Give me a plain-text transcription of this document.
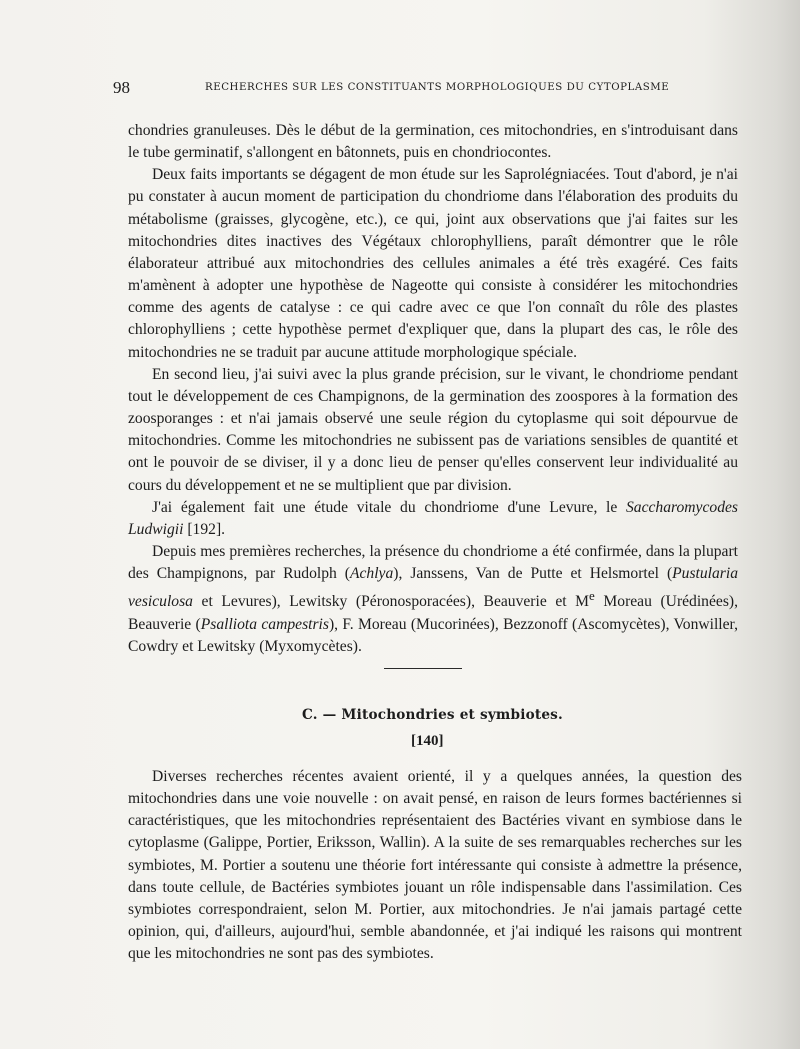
98	RECHERCHES SUR LES CONSTITUANTS MORPHOLOGIQUES DU CYTOPLASME

chondries granuleuses. Dès le début de la germination, ces mitochondries, en s'introduisant dans le tube germinatif, s'allongent en bâtonnets, puis en chondriocontes.

Deux faits importants se dégagent de mon étude sur les Saprolégniacées. Tout d'abord, je n'ai pu constater à aucun moment de participation du chondriome dans l'élaboration des produits du métabolisme (graisses, glycogène, etc.), ce qui, joint aux observations que j'ai faites sur les mitochondries dites inactives des Végétaux chlorophylliens, paraît démontrer que le rôle élaborateur attribué aux mitochondries des cellules animales a été très exagéré. Ces faits m'amènent à adopter une hypothèse de Nageotte qui consiste à considérer les mitochondries comme des agents de catalyse : ce qui cadre avec ce que l'on connaît du rôle des plastes chlorophylliens ; cette hypothèse permet d'expliquer que, dans la plupart des cas, le rôle des mitochondries ne se traduit par aucune attitude morphologique spéciale.

En second lieu, j'ai suivi avec la plus grande précision, sur le vivant, le chondriome pendant tout le développement de ces Champignons, de la germination des zoospores à la formation des zoosporanges : et n'ai jamais observé une seule région du cytoplasme qui soit dépourvue de mitochondries. Comme les mitochondries ne subissent pas de variations sensibles de quantité et ont le pouvoir de se diviser, il y a donc lieu de penser qu'elles conservent leur individualité au cours du développement et ne se multiplient que par division.

J'ai également fait une étude vitale du chondriome d'une Levure, le Saccharomycodes Ludwigii [192].

Depuis mes premières recherches, la présence du chondriome a été confirmée, dans la plupart des Champignons, par Rudolph (Achlya), Janssens, Van de Putte et Helsmortel (Pustularia vesiculosa et Levures), Lewitsky (Péronosporacées), Beauverie et Me Moreau (Urédinées), Beauverie (Psalliota campestris), F. Moreau (Mucorinées), Bezzonoff (Ascomycètes), Vonwiller, Cowdry et Lewitsky (Myxomycètes).

C. — Mitochondries et symbiotes.
[140]

Diverses recherches récentes avaient orienté, il y a quelques années, la question des mitochondries dans une voie nouvelle : on avait pensé, en raison de leurs formes bactériennes si caractéristiques, que les mitochondries représentaient des Bactéries vivant en symbiose dans le cytoplasme (Galippe, Portier, Eriksson, Wallin). A la suite de ses remarquables recherches sur les symbiotes, M. Portier a soutenu une théorie fort intéressante qui consiste à admettre la présence, dans toute cellule, de Bactéries symbiotes jouant un rôle indispensable dans l'assimilation. Ces symbiotes correspondraient, selon M. Portier, aux mitochondries. Je n'ai jamais partagé cette opinion, qui, d'ailleurs, aujourd'hui, semble abandonnée, et j'ai indiqué les raisons qui montrent que les mitochondries ne sont pas des symbiotes.
